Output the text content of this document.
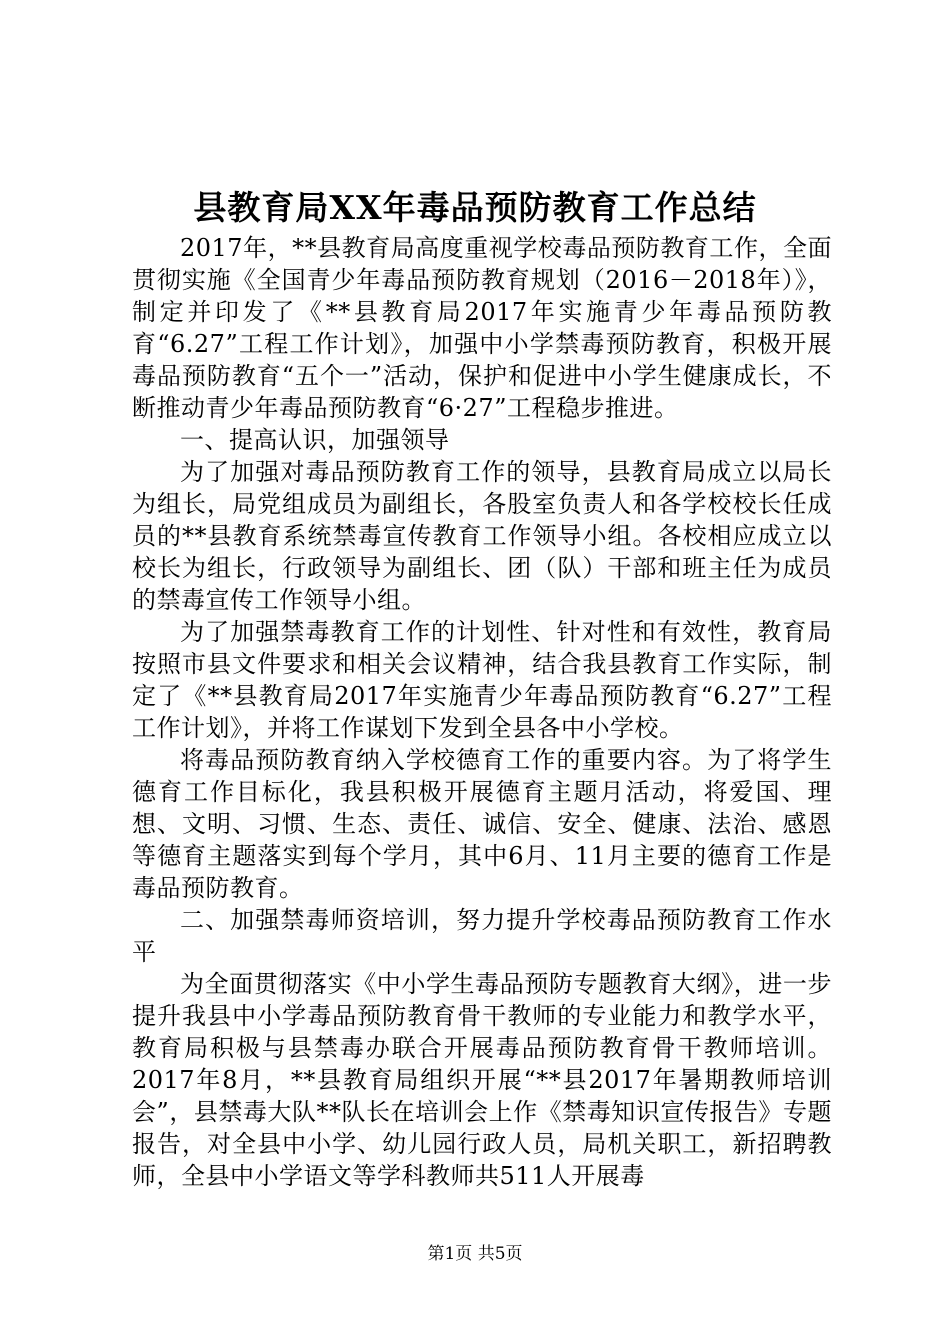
县教育局XX年毒品预防教育工作总结

2017年，**县教育局高度重视学校毒品预防教育工作，全面贯彻实施《全国青少年毒品预防教育规划（2016－2018年）》，制定并印发了《**县教育局2017年实施青少年毒品预防教育“6.27”工程工作计划》，加强中小学禁毒预防教育，积极开展毒品预防教育“五个一”活动，保护和促进中小学生健康成长，不断推动青少年毒品预防教育“6·27”工程稳步推进。

一、提高认识，加强领导

为了加强对毒品预防教育工作的领导，县教育局成立以局长为组长，局党组成员为副组长，各股室负责人和各学校校长任成员的**县教育系统禁毒宣传教育工作领导小组。各校相应成立以校长为组长，行政领导为副组长、团（队）干部和班主任为成员的禁毒宣传工作领导小组。

为了加强禁毒教育工作的计划性、针对性和有效性，教育局按照市县文件要求和相关会议精神，结合我县教育工作实际，制定了《**县教育局2017年实施青少年毒品预防教育“6.27”工程工作计划》，并将工作谋划下发到全县各中小学校。

将毒品预防教育纳入学校德育工作的重要内容。为了将学生德育工作目标化，我县积极开展德育主题月活动，将爱国、理想、文明、习惯、生态、责任、诚信、安全、健康、法治、感恩等德育主题落实到每个学月，其中6月、11月主要的德育工作是毒品预防教育。

二、加强禁毒师资培训，努力提升学校毒品预防教育工作水平

为全面贯彻落实《中小学生毒品预防专题教育大纲》，进一步提升我县中小学毒品预防教育骨干教师的专业能力和教学水平，教育局积极与县禁毒办联合开展毒品预防教育骨干教师培训。2017年8月，**县教育局组织开展“**县2017年暑期教师培训会”，县禁毒大队**队长在培训会上作《禁毒知识宣传报告》专题报告，对全县中小学、幼儿园行政人员，局机关职工，新招聘教师，全县中小学语文等学科教师共511人开展毒

第1页 共5页
